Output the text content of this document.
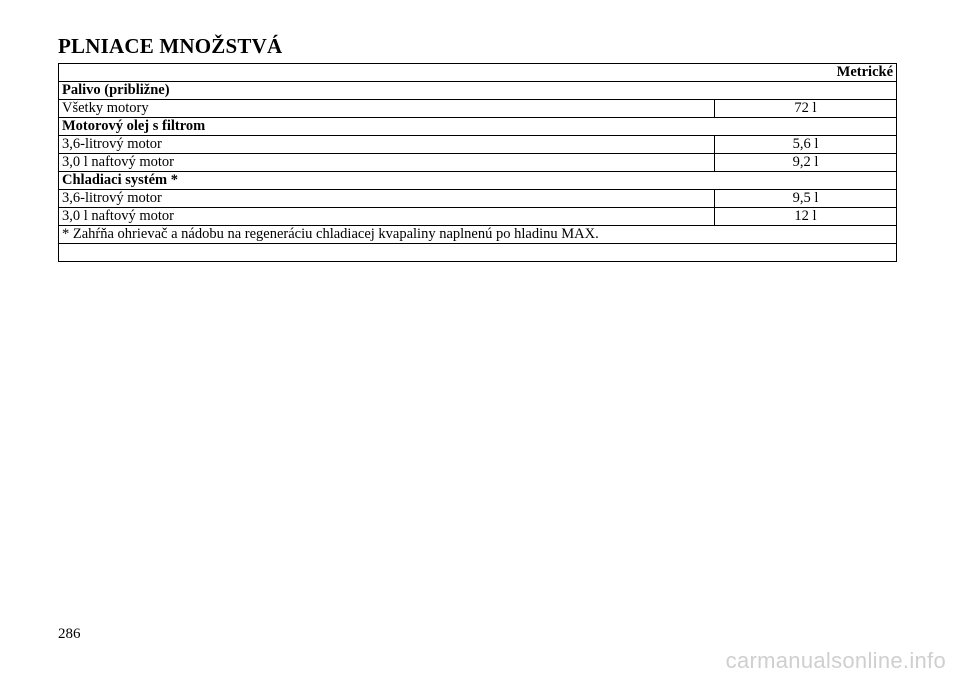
PLNIACE MNOŽSTVÁ
Metrické	
Palivo (približne)	
Všetky motory	72 l
Motorový olej s filtrom	
3,6-litrový motor	5,6 l
3,0 l naftový motor	9,2 l
Chladiaci systém *	
3,6-litrový motor	9,5 l
3,0 l naftový motor	12 l
* Zahŕňa ohrievač a nádobu na regeneráciu chladiacej kvapaliny naplnenú po hladinu MAX.	

286
carmanualsonline.info
